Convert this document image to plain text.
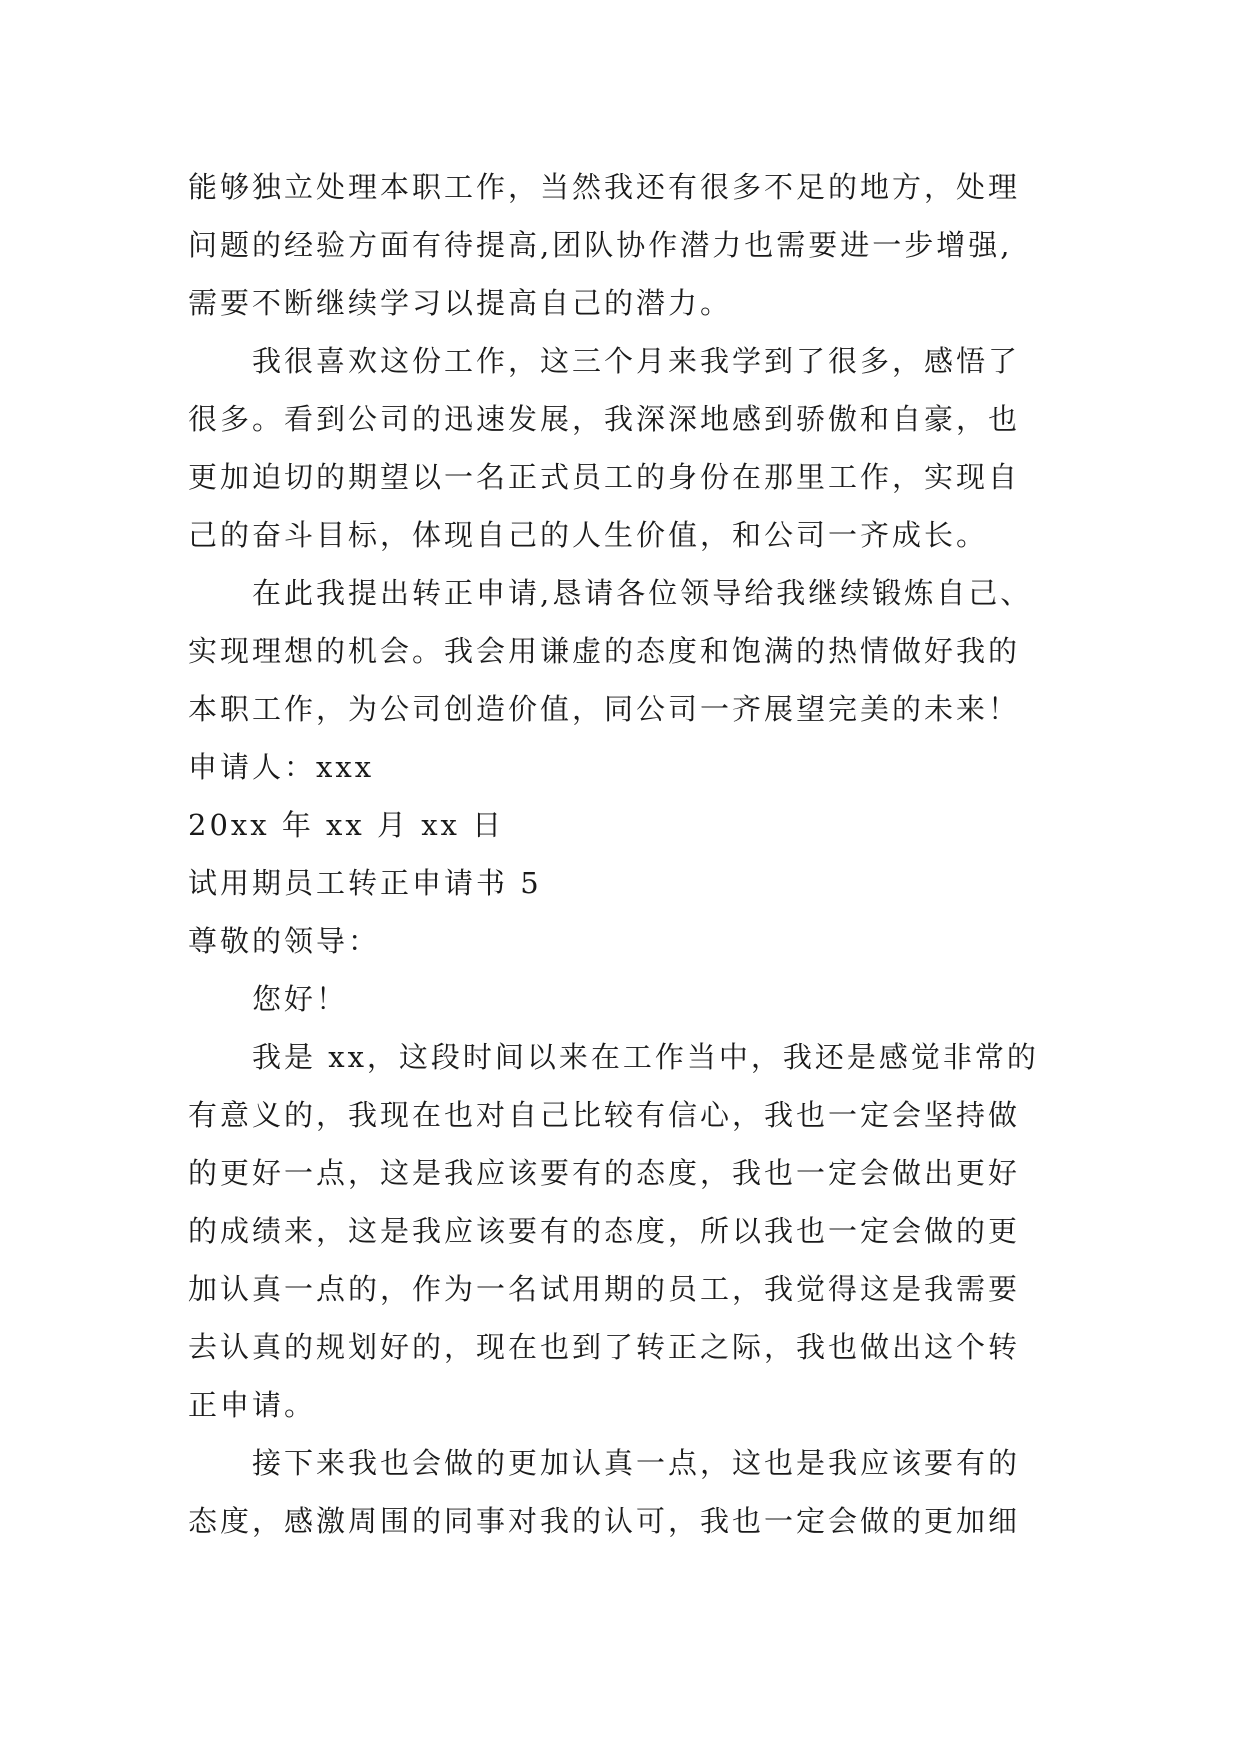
能够独立处理本职工作，当然我还有很多不足的地方，处理
问题的经验方面有待提高,团队协作潜力也需要进一步增强,
需要不断继续学习以提高自己的潜力。
我很喜欢这份工作，这三个月来我学到了很多，感悟了
很多。看到公司的迅速发展，我深深地感到骄傲和自豪，也
更加迫切的期望以一名正式员工的身份在那里工作，实现自
己的奋斗目标，体现自己的人生价值，和公司一齐成长。
在此我提出转正申请,恳请各位领导给我继续锻炼自己、
实现理想的机会。我会用谦虚的态度和饱满的热情做好我的
本职工作，为公司创造价值，同公司一齐展望完美的未来！
申请人：xxx
20xx 年 xx 月 xx 日
试用期员工转正申请书 5
尊敬的领导：
您好！
我是 xx，这段时间以来在工作当中，我还是感觉非常的
有意义的，我现在也对自己比较有信心，我也一定会坚持做
的更好一点，这是我应该要有的态度，我也一定会做出更好
的成绩来，这是我应该要有的态度，所以我也一定会做的更
加认真一点的，作为一名试用期的员工，我觉得这是我需要
去认真的规划好的，现在也到了转正之际，我也做出这个转
正申请。
接下来我也会做的更加认真一点，这也是我应该要有的
态度，感激周围的同事对我的认可，我也一定会做的更加细
